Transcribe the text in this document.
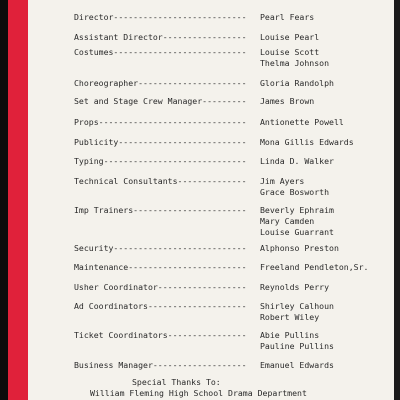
Director--------------------------- Pearl Fears
Assistant Director----------------- Louise Pearl
Costumes--------------------------- Louise Scott
Thelma Johnson
Choreographer---------------------- Gloria Randolph
Set and Stage Crew Manager--------- James Brown
Props------------------------------ Antionette Powell
Publicity-------------------------- Mona Gillis Edwards
Typing----------------------------- Linda D. Walker
Technical Consultants-------------- Jim Ayers
Grace Bosworth
Imp Trainers----------------------- Beverly Ephraim
Mary Camden
Louise Guarrant
Security--------------------------- Alphonso Preston
Maintenance------------------------ Freeland Pendleton,Sr.
Usher Coordinator------------------ Reynolds Perry
Ad Coordinators-------------------- Shirley Calhoun
Robert Wiley
Ticket Coordinators---------------- Abie Pullins
Pauline Pullins
Business Manager------------------- Emanuel Edwards
Special Thanks To:
William Fleming High School Drama Department
